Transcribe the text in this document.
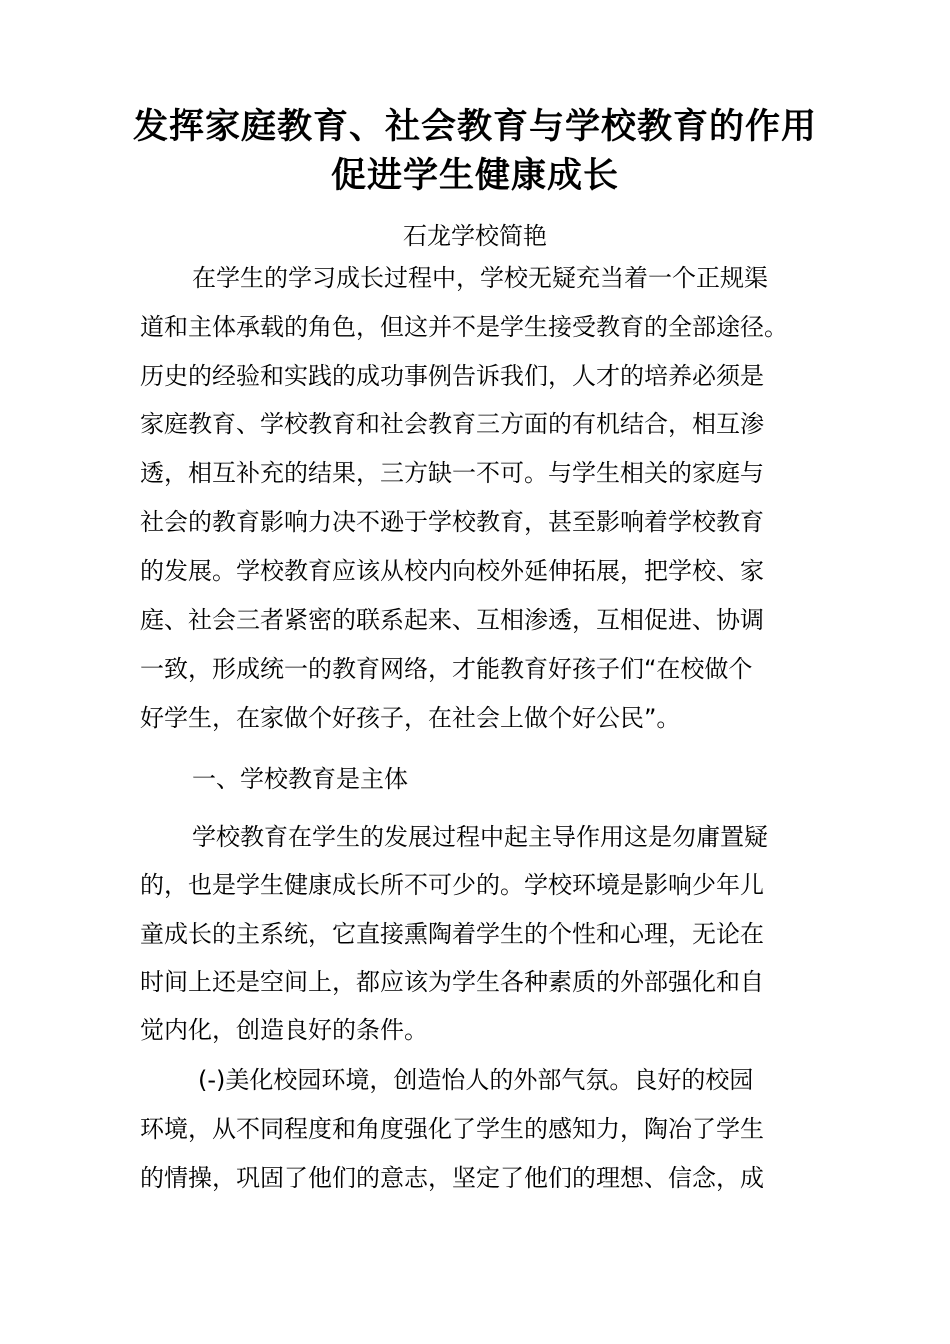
发挥家庭教育、社会教育与学校教育的作用
促进学生健康成长

石龙学校简艳

在学生的学习成长过程中，学校无疑充当着一个正规渠

道和主体承载的角色，但这并不是学生接受教育的全部途径。

历史的经验和实践的成功事例告诉我们，人才的培养必须是

家庭教育、学校教育和社会教育三方面的有机结合，相互渗

透，相互补充的结果，三方缺一不可。与学生相关的家庭与

社会的教育影响力决不逊于学校教育，甚至影响着学校教育

的发展。学校教育应该从校内向校外延伸拓展，把学校、家

庭、社会三者紧密的联系起来、互相渗透，互相促进、协调

一致，形成统一的教育网络，才能教育好孩子们“在校做个

好学生，在家做个好孩子，在社会上做个好公民”。

一、学校教育是主体

学校教育在学生的发展过程中起主导作用这是勿庸置疑

的，也是学生健康成长所不可少的。学校环境是影响少年儿

童成长的主系统，它直接熏陶着学生的个性和心理，无论在

时间上还是空间上，都应该为学生各种素质的外部强化和自

觉内化，创造良好的条件。

(-)美化校园环境，创造怡人的外部气氛。良好的校园

环境，从不同程度和角度强化了学生的感知力，陶冶了学生

的情操，巩固了他们的意志，坚定了他们的理想、信念，成
